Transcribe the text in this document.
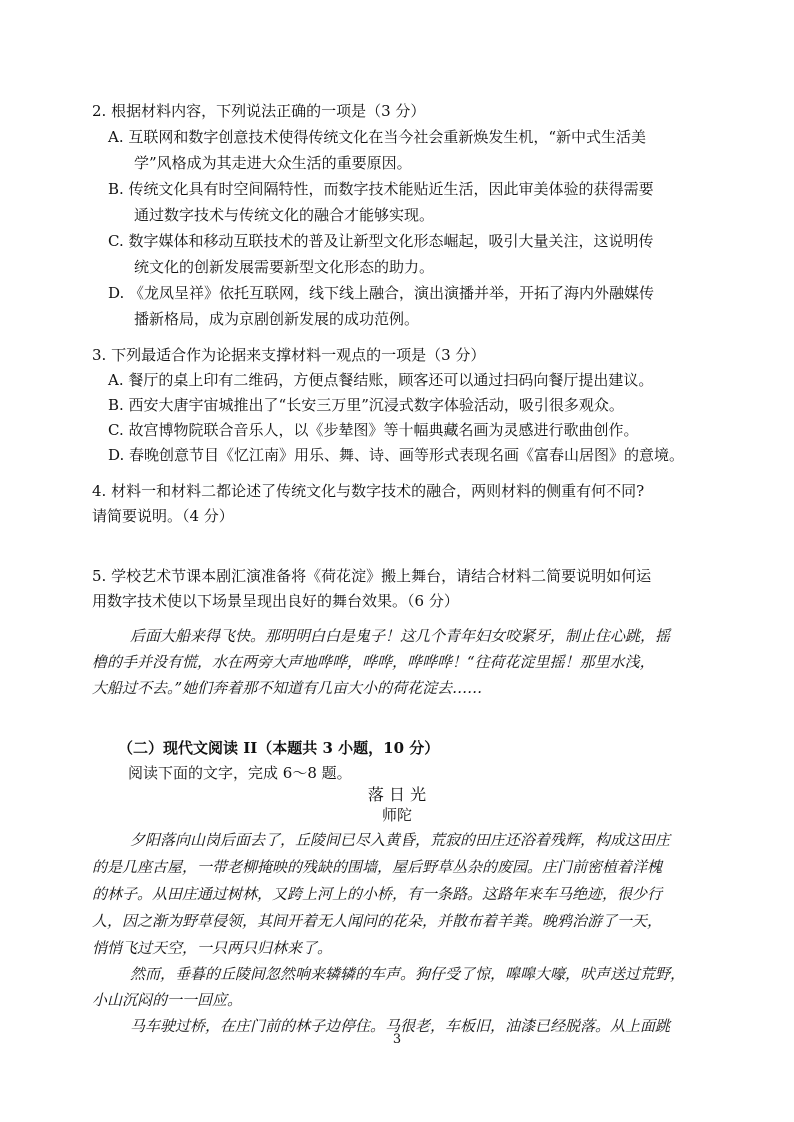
2. 根据材料内容，下列说法正确的一项是（3 分）
A. 互联网和数字创意技术使得传统文化在当今社会重新焕发生机，“新中式生活美
学”风格成为其走进大众生活的重要原因。
B. 传统文化具有时空间隔特性，而数字技术能贴近生活，因此审美体验的获得需要
通过数字技术与传统文化的融合才能够实现。
C. 数字媒体和移动互联技术的普及让新型文化形态崛起，吸引大量关注，这说明传
统文化的创新发展需要新型文化形态的助力。
D. 《龙凤呈祥》依托互联网，线下线上融合，演出演播并举，开拓了海内外融媒传
播新格局，成为京剧创新发展的成功范例。
3. 下列最适合作为论据来支撑材料一观点的一项是（3 分）
A. 餐厅的桌上印有二维码，方便点餐结账，顾客还可以通过扫码向餐厅提出建议。
B. 西安大唐宇宙城推出了“长安三万里”沉浸式数字体验活动，吸引很多观众。
C. 故宫博物院联合音乐人，以《步辇图》等十幅典藏名画为灵感进行歌曲创作。
D. 春晚创意节目《忆江南》用乐、舞、诗、画等形式表现名画《富春山居图》的意境。
4. 材料一和材料二都论述了传统文化与数字技术的融合，两则材料的侧重有何不同?
请简要说明。（4 分）
5. 学校艺术节课本剧汇演准备将《荷花淀》搬上舞台，请结合材料二简要说明如何运
用数字技术使以下场景呈现出良好的舞台效果。（6 分）
后面大船来得飞快。那明明白白是鬼子！这几个青年妇女咬紧牙，制止住心跳，摇
橹的手并没有慌，水在两旁大声地哗哗，哗哗，哗哗哗！“往荷花淀里摇！那里水浅，
大船过不去。”她们奔着那不知道有几亩大小的荷花淀去……
（二）现代文阅读 II（本题共 3 小题，10 分）
阅读下面的文字，完成 6～8 题。
落 日 光
师陀
夕阳落向山岗后面去了，丘陵间已尽入黄昏，荒寂的田庄还浴着残辉，构成这田庄
的是几座古屋，一带老柳掩映的残缺的围墙，屋后野草丛杂的废园。庄门前密植着洋槐
的林子。从田庄通过树林，又跨上河上的小桥，有一条路。这路年来车马绝迹，很少行
人，因之渐为野草侵领，其间开着无人闻问的花朵，并散布着羊粪。晚鸦治游了一天，
悄悄飞过天空，一只两只归林来了。
然而，垂暮的丘陵间忽然响来辚辚的车声。狗仔受了惊，嗥嗥大嚎，吠声送过荒野，
小山沉闷的一一回应。
马车驶过桥，在庄门前的林子边停住。马很老，车板旧，油漆已经脱落。从上面跳
3
